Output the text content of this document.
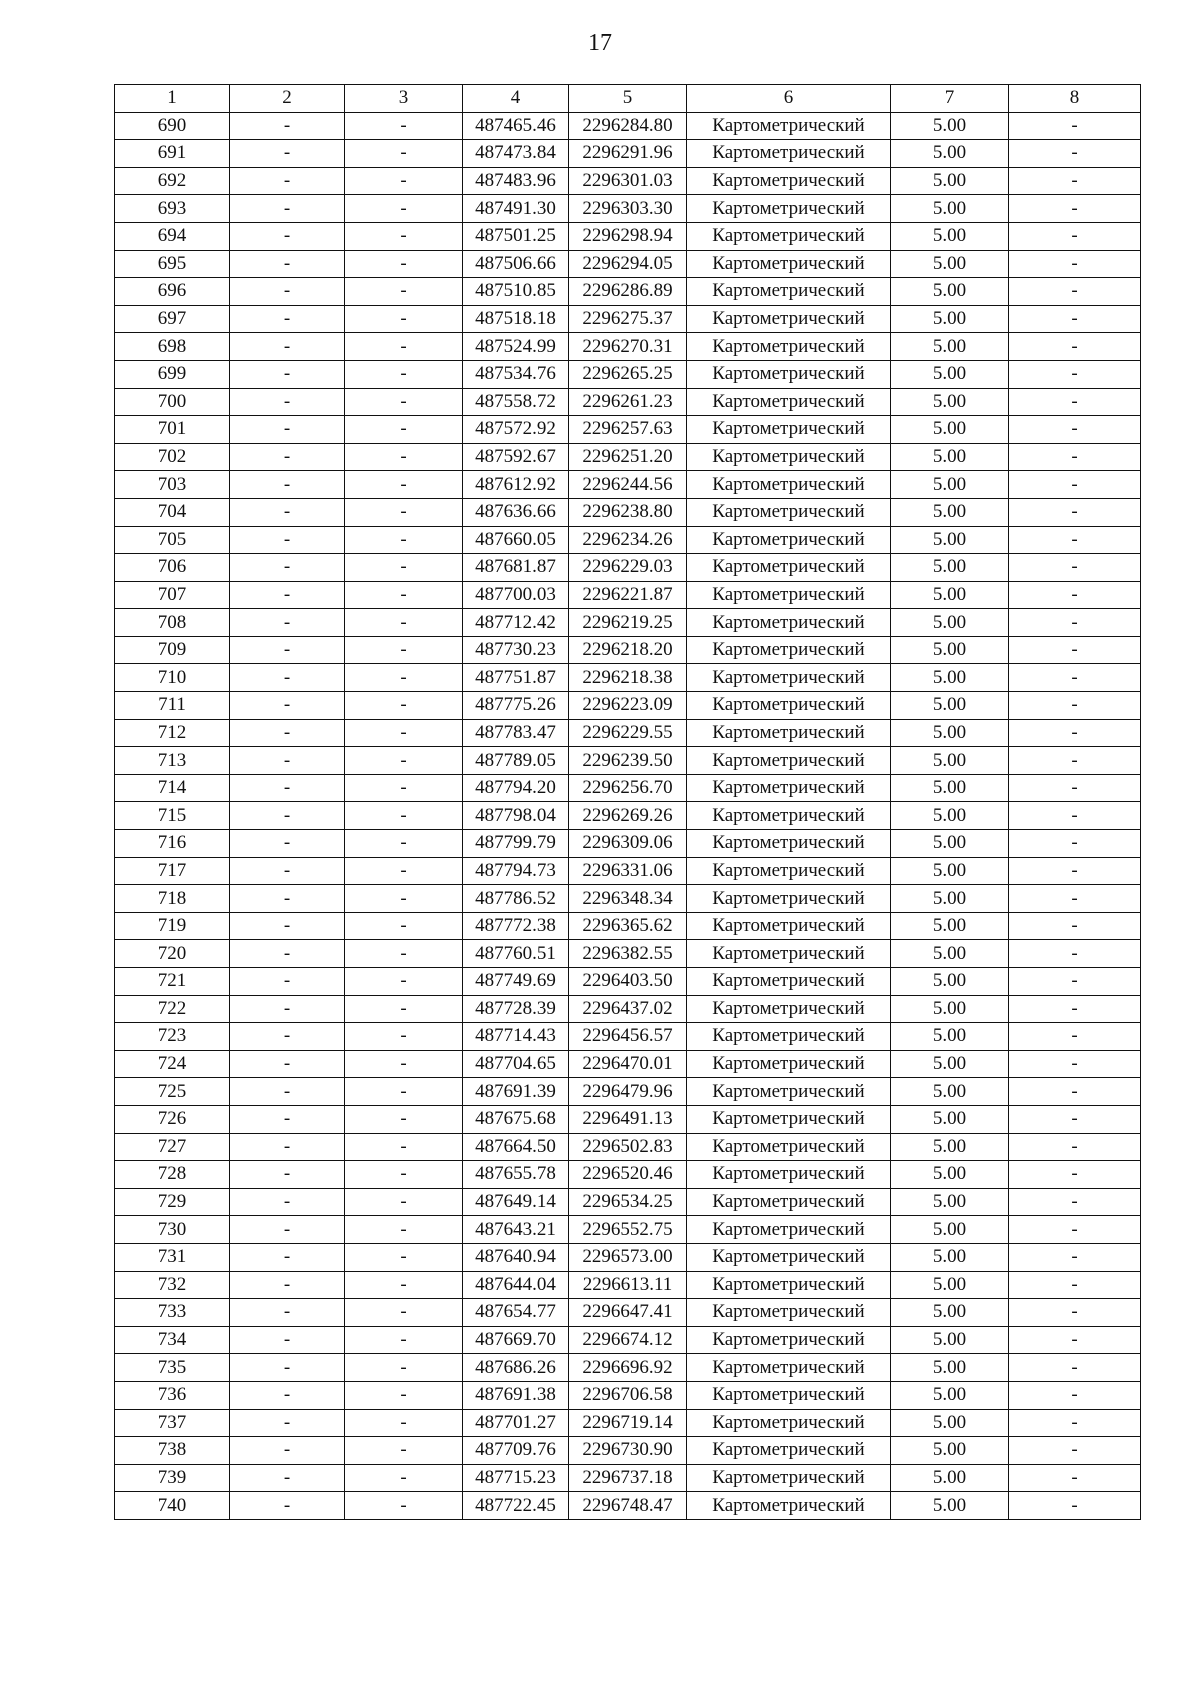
17
1	2	3	4	5	6	7	8
690	-	-	487465.46	2296284.80	Картометрический	5.00	-
691	-	-	487473.84	2296291.96	Картометрический	5.00	-
692	-	-	487483.96	2296301.03	Картометрический	5.00	-
693	-	-	487491.30	2296303.30	Картометрический	5.00	-
694	-	-	487501.25	2296298.94	Картометрический	5.00	-
695	-	-	487506.66	2296294.05	Картометрический	5.00	-
696	-	-	487510.85	2296286.89	Картометрический	5.00	-
697	-	-	487518.18	2296275.37	Картометрический	5.00	-
698	-	-	487524.99	2296270.31	Картометрический	5.00	-
699	-	-	487534.76	2296265.25	Картометрический	5.00	-
700	-	-	487558.72	2296261.23	Картометрический	5.00	-
701	-	-	487572.92	2296257.63	Картометрический	5.00	-
702	-	-	487592.67	2296251.20	Картометрический	5.00	-
703	-	-	487612.92	2296244.56	Картометрический	5.00	-
704	-	-	487636.66	2296238.80	Картометрический	5.00	-
705	-	-	487660.05	2296234.26	Картометрический	5.00	-
706	-	-	487681.87	2296229.03	Картометрический	5.00	-
707	-	-	487700.03	2296221.87	Картометрический	5.00	-
708	-	-	487712.42	2296219.25	Картометрический	5.00	-
709	-	-	487730.23	2296218.20	Картометрический	5.00	-
710	-	-	487751.87	2296218.38	Картометрический	5.00	-
711	-	-	487775.26	2296223.09	Картометрический	5.00	-
712	-	-	487783.47	2296229.55	Картометрический	5.00	-
713	-	-	487789.05	2296239.50	Картометрический	5.00	-
714	-	-	487794.20	2296256.70	Картометрический	5.00	-
715	-	-	487798.04	2296269.26	Картометрический	5.00	-
716	-	-	487799.79	2296309.06	Картометрический	5.00	-
717	-	-	487794.73	2296331.06	Картометрический	5.00	-
718	-	-	487786.52	2296348.34	Картометрический	5.00	-
719	-	-	487772.38	2296365.62	Картометрический	5.00	-
720	-	-	487760.51	2296382.55	Картометрический	5.00	-
721	-	-	487749.69	2296403.50	Картометрический	5.00	-
722	-	-	487728.39	2296437.02	Картометрический	5.00	-
723	-	-	487714.43	2296456.57	Картометрический	5.00	-
724	-	-	487704.65	2296470.01	Картометрический	5.00	-
725	-	-	487691.39	2296479.96	Картометрический	5.00	-
726	-	-	487675.68	2296491.13	Картометрический	5.00	-
727	-	-	487664.50	2296502.83	Картометрический	5.00	-
728	-	-	487655.78	2296520.46	Картометрический	5.00	-
729	-	-	487649.14	2296534.25	Картометрический	5.00	-
730	-	-	487643.21	2296552.75	Картометрический	5.00	-
731	-	-	487640.94	2296573.00	Картометрический	5.00	-
732	-	-	487644.04	2296613.11	Картометрический	5.00	-
733	-	-	487654.77	2296647.41	Картометрический	5.00	-
734	-	-	487669.70	2296674.12	Картометрический	5.00	-
735	-	-	487686.26	2296696.92	Картометрический	5.00	-
736	-	-	487691.38	2296706.58	Картометрический	5.00	-
737	-	-	487701.27	2296719.14	Картометрический	5.00	-
738	-	-	487709.76	2296730.90	Картометрический	5.00	-
739	-	-	487715.23	2296737.18	Картометрический	5.00	-
740	-	-	487722.45	2296748.47	Картометрический	5.00	-
